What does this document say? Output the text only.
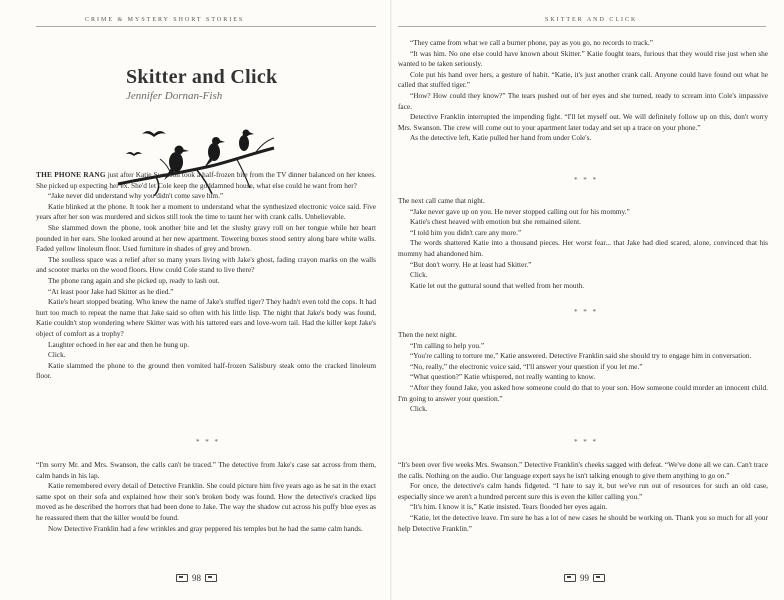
CRIME & MYSTERY SHORT STORIES
Skitter and Click
Jennifer Dornan-Fish

THE PHONE RANG just after Katie Swanson took a half-frozen bite from the TV dinner balanced on her knees. She picked up expecting her ex. She'd let Cole keep the goddamned house, what else could he want from her?

“Jake never did understand why you didn't come save him.”

Katie blinked at the phone. It took her a moment to understand what the synthesized electronic voice said. Five years after her son was murdered and sickos still took the time to taunt her with crank calls. Unbelievable.

She slammed down the phone, took another bite and let the slushy gravy roll on her tongue while her heart pounded in her ears. She looked around at her new apartment. Towering boxes stood sentry along bare white walls. Faded yellow linoleum floor. Used furniture in shades of grey and brown.

The soulless space was a relief after so many years living with Jake's ghost, fading crayon marks on the walls and scooter marks on the wood floors. How could Cole stand to live there?

The phone rang again and she picked up, ready to lash out.

“At least poor Jake had Skitter as he died.”

Katie's heart stopped beating. Who knew the name of Jake's stuffed tiger? They hadn't even told the cops. It had hurt too much to repeat the name that Jake said so often with his little lisp. The night that Jake's body was found, Katie couldn't stop wondering where Skitter was with his tattered ears and love-worn tail. Had the killer kept Jake's object of comfort as a trophy?

Laughter echoed in her ear and then he hung up.

Click.

Katie slammed the phone to the ground then vomited half-frozen Salisbury steak onto the cracked linoleum floor.

* * *

“I'm sorry Mr. and Mrs. Swanson, the calls can't be traced.” The detective from Jake's case sat across from them, calm hands in his lap.

Katie remembered every detail of Detective Franklin. She could picture him five years ago as he sat in the exact same spot on their sofa and explained how their son's broken body was found. How the detective's cracked lips moved as he described the horrors that had been done to Jake. The way the shadow cut across his puffy blue eyes as he reassured them that the killer would be found.

Now Detective Franklin had a few wrinkles and gray peppered his temples but he had the same calm hands.

98
SKITTER AND CLICK

“They came from what we call a burner phone, pay as you go, no records to track.”

“It was him. No one else could have known about Skitter.” Katie fought tears, furious that they would rise just when she wanted to be taken seriously.

Cole put his hand over hers, a gesture of habit. “Katie, it's just another crank call. Anyone could have found out what he called that stuffed tiger.”

“How? How could they know?” The tears pushed out of her eyes and she turned, ready to scream into Cole's impassive face.

Detective Franklin interrupted the impending fight. “I'll let myself out. We will definitely follow up on this, don't worry Mrs. Swanson. The crew will come out to your apartment later today and set up a trace on your phone.”

As the detective left, Katie pulled her hand from under Cole's.

* * *

The next call came that night.

“Jake never gave up on you. He never stopped calling out for his mommy.”

Katie's chest heaved with emotion but she remained silent.

“I told him you didn't care any more.”

The words shattered Katie into a thousand pieces. Her worst fear... that Jake had died scared, alone, convinced that his mommy had abandoned him.

“But don't worry. He at least had Skitter.”

Click.

Katie let out the guttural sound that welled from her mouth.

* * *

Then the next night.

“I'm calling to help you.”

“You're calling to torture me,” Katie answered. Detective Franklin said she should try to engage him in conversation.

“No, really,” the electronic voice said, “I'll answer your question if you let me.”

“What question?” Katie whispered, not really wanting to know.

“After they found Jake, you asked how someone could do that to your son. How someone could murder an innocent child. I'm going to answer your question.”

Click.

* * *

“It's been over five weeks Mrs. Swanson.” Detective Franklin's cheeks sagged with defeat. “We've done all we can. Can't trace the calls. Nothing on the audio. Our language expert says he isn't talking enough to give them anything to go on.”

For once, the detective's calm hands fidgeted. “I hate to say it, but we've run out of resources for such an old case, especially since we aren't a hundred percent sure this is even the killer calling you.”

“It's him. I know it is,” Katie insisted. Tears flooded her eyes again.

“Katie, let the detective leave. I'm sure he has a lot of new cases he should be working on. Thank you so much for all your help Detective Franklin.”

99
